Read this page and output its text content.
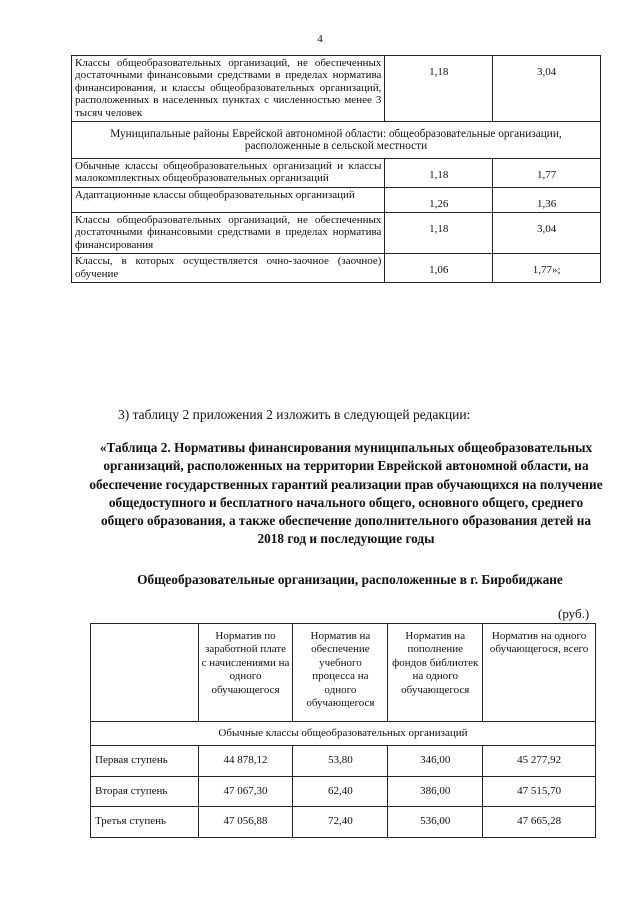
4
Классы общеобразовательных организаций, не обеспеченных достаточными финансовыми средствами в пределах норматива финансирования, и классы общеобразовательных организаций, расположенных в населенных пунктах с численностью менее 3 тысяч человек	1,18	3,04
Муниципальные районы Еврейской автономной области: общеобразовательные организации, расположенные в сельской местности		
Обычные классы общеобразовательных организаций и классы малокомплектных общеобразовательных организаций	1,18	1,77
Адаптационные классы общеобразовательных организаций	1,26	1,36
Классы общеобразовательных организаций, не обеспеченных достаточными финансовыми средствами в пределах норматива финансирования	1,18	3,04
Классы, в которых осуществляется очно-заочное (заочное) обучение	1,06	1,77»;
3) таблицу 2 приложения 2 изложить в следующей редакции:
«Таблица 2. Нормативы финансирования муниципальных общеобразовательных организаций, расположенных на территории Еврейской автономной области, на обеспечение государственных гарантий реализации прав обучающихся на получение общедоступного и бесплатного начального общего, основного общего, среднего общего образования, а также обеспечение дополнительного образования детей на 2018 год и последующие годы
Общеобразовательные организации, расположенные в г. Биробиджане
(руб.)
	Норматив по заработной плате с начислениями на одного обучающегося	Норматив на обеспечение учебного процесса на одного обучающегося	Норматив на пополнение фондов библиотек на одного обучающегося	Норматив на одного обучающегося, всего
Обычные классы общеобразовательных организаций				
Первая ступень	44 878,12	53,80	346,00	45 277,92
Вторая ступень	47 067,30	62,40	386,00	47 515,70
Третья ступень	47 056,88	72,40	536,00	47 665,28
